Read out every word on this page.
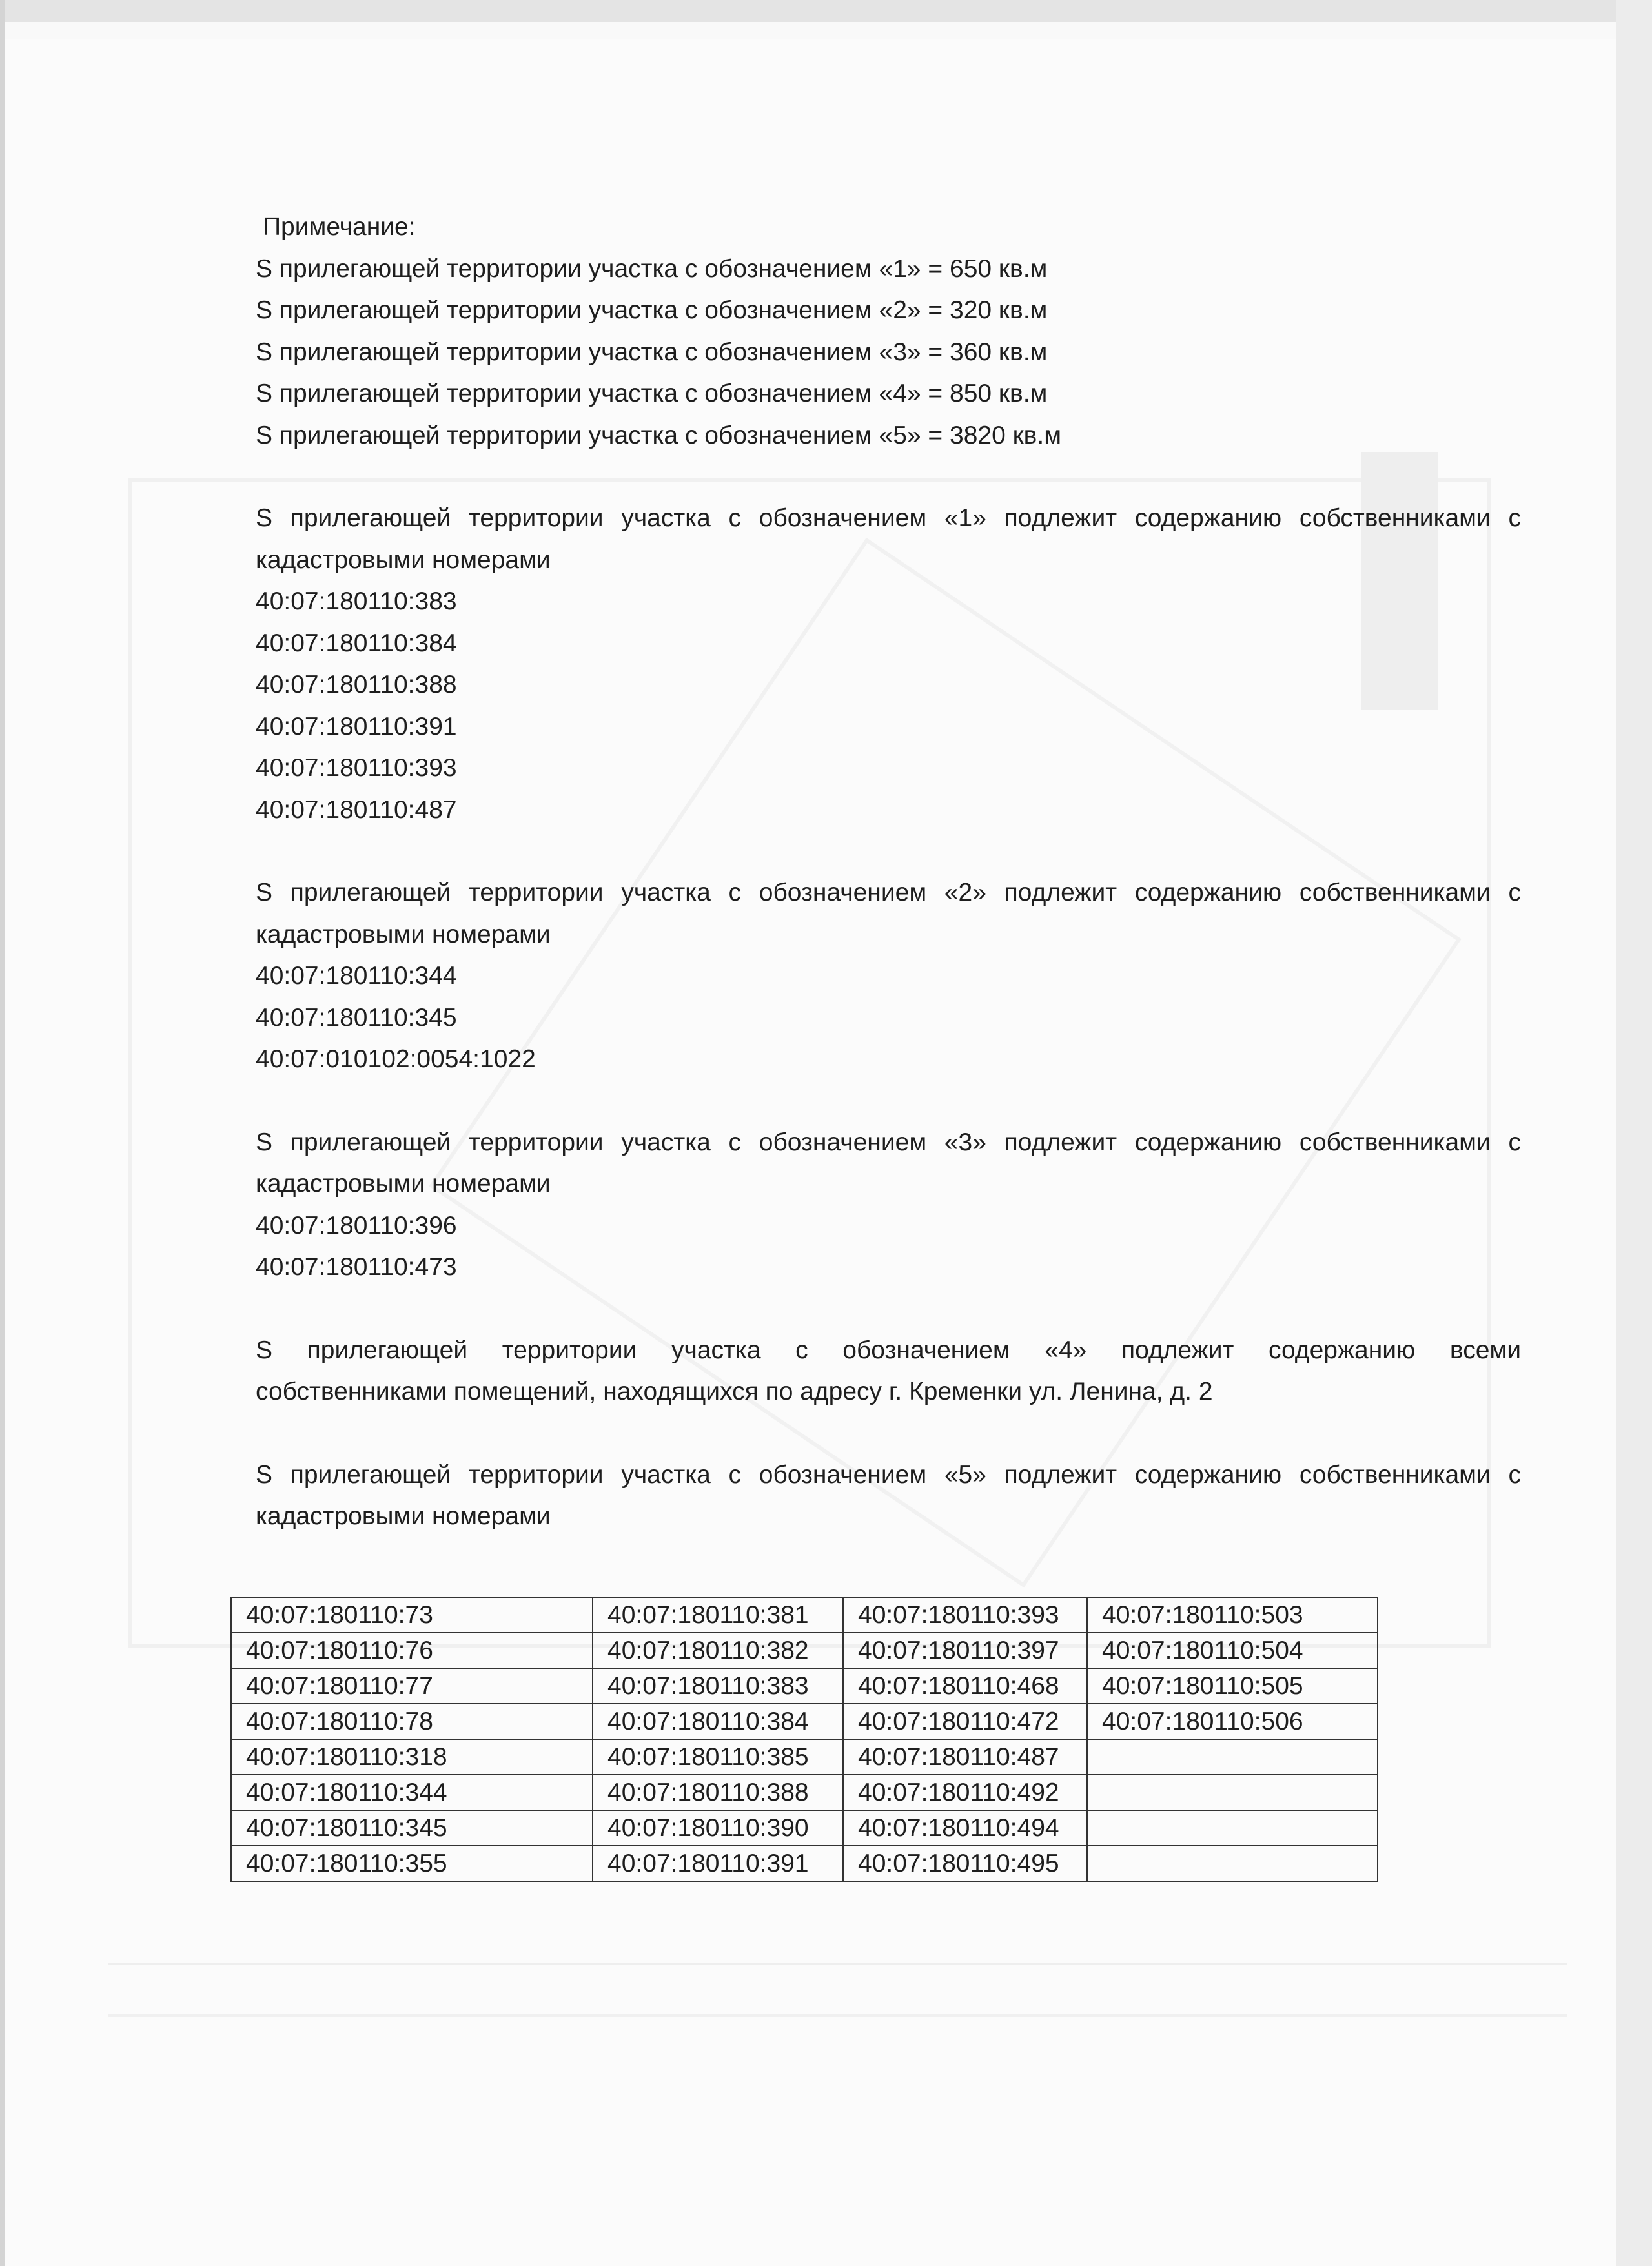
Примечание:
S прилегающей территории участка с обозначением «1» = 650 кв.м
S прилегающей территории участка с обозначением «2» = 320 кв.м
S прилегающей территории участка с обозначением «3» = 360 кв.м
S прилегающей территории участка с обозначением «4» = 850 кв.м
S прилегающей территории участка с обозначением «5» = 3820 кв.м
S прилегающей территории участка с обозначением «1» подлежит содержанию собственниками с кадастровыми номерами
40:07:180110:383
40:07:180110:384
40:07:180110:388
40:07:180110:391
40:07:180110:393
40:07:180110:487
S прилегающей территории участка с обозначением «2» подлежит содержанию собственниками с кадастровыми номерами
40:07:180110:344
40:07:180110:345
40:07:010102:0054:1022
S прилегающей территории участка с обозначением «3» подлежит содержанию собственниками с кадастровыми номерами
40:07:180110:396
40:07:180110:473
S прилегающей территории участка с обозначением «4» подлежит содержанию всеми
собственниками помещений, находящихся по адресу г. Кременки ул. Ленина, д. 2
S прилегающей территории участка с обозначением «5» подлежит содержанию собственниками с кадастровыми номерами
40:07:180110:73	40:07:180110:381	40:07:180110:393	40:07:180110:503
40:07:180110:76	40:07:180110:382	40:07:180110:397	40:07:180110:504
40:07:180110:77	40:07:180110:383	40:07:180110:468	40:07:180110:505
40:07:180110:78	40:07:180110:384	40:07:180110:472	40:07:180110:506
40:07:180110:318	40:07:180110:385	40:07:180110:487	
40:07:180110:344	40:07:180110:388	40:07:180110:492	
40:07:180110:345	40:07:180110:390	40:07:180110:494	
40:07:180110:355	40:07:180110:391	40:07:180110:495	
